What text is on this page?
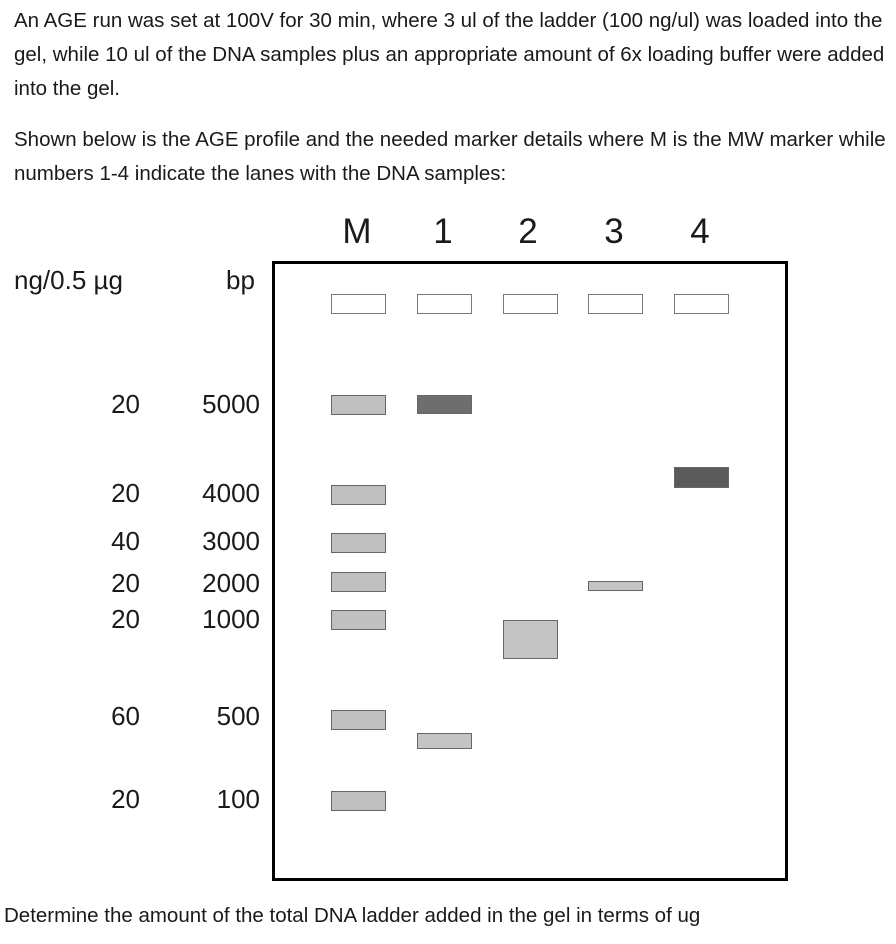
An AGE run was set at 100V for 30 min, where 3 ul of the ladder (100 ng/ul) was loaded into the gel, while 10 ul of the DNA samples plus an appropriate amount of 6x loading buffer were added into the gel.

Shown below is the AGE profile and the needed marker details where M is the MW marker while numbers 1-4 indicate the lanes with the DNA samples:

M 1 2 3 4
ng/0.5 µg	bp
20	5000
20	4000
40	3000
20	2000
20	1000
60	500
20	100

Determine the amount of the total DNA ladder added in the gel in terms of ug
